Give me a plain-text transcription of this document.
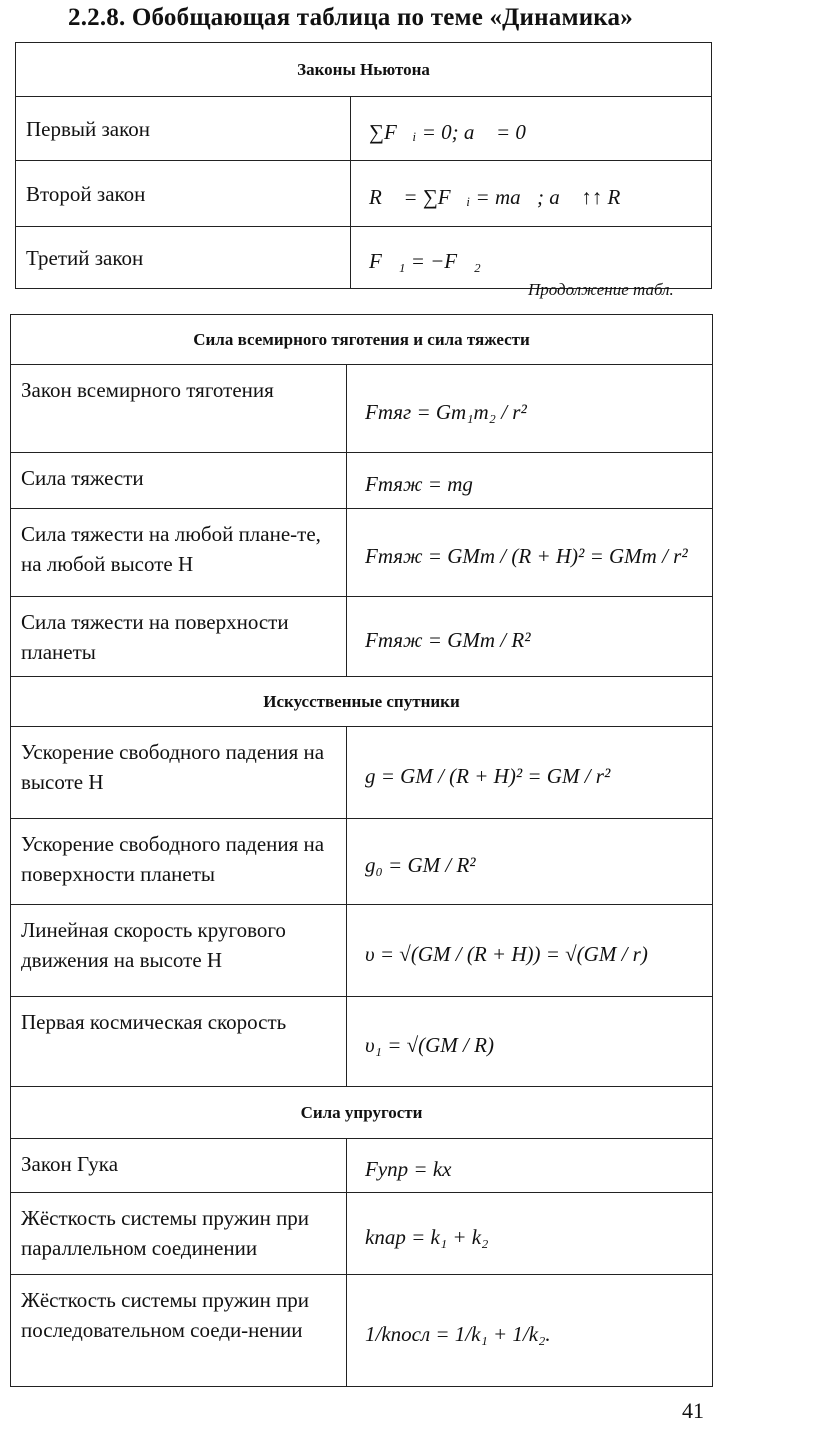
2.2.8. Обобщающая таблица по теме «Динамика»
Законы Ньютона	
Первый закон	∑F⃗ᵢ = 0; a⃗ = 0
Второй закон	R⃗ = ∑F⃗ᵢ = ma⃗; a⃗ ↑↑ R⃗
Третий закон	F⃗₁ = −F⃗₂
Продолжение табл.
Сила всемирного тяготения и сила тяжести	
Закон всемирного тяготения	Fтяг = Gm₁m₂ / r²
Сила тяжести	Fтяж = mg
Сила тяжести на любой плане-те, на любой высоте H	Fтяж = GMm / (R + H)² = GMm / r²
Сила тяжести на поверхности планеты	Fтяж = GMm / R²
Искусственные спутники	
Ускорение свободного падения на высоте H	g = GM / (R + H)² = GM / r²
Ускорение свободного падения на поверхности планеты	g₀ = GM / R²
Линейная скорость кругового движения на высоте H	υ = √(GM / (R + H)) = √(GM / r)
Первая космическая скорость	υ₁ = √(GM / R)
Сила упругости	
Закон Гука	Fупр = kx
Жёсткость системы пружин при параллельном соединении	kпар = k₁ + k₂
Жёсткость системы пружин при последовательном соеди-нении	1/kпосл = 1/k₁ + 1/k₂.
41
